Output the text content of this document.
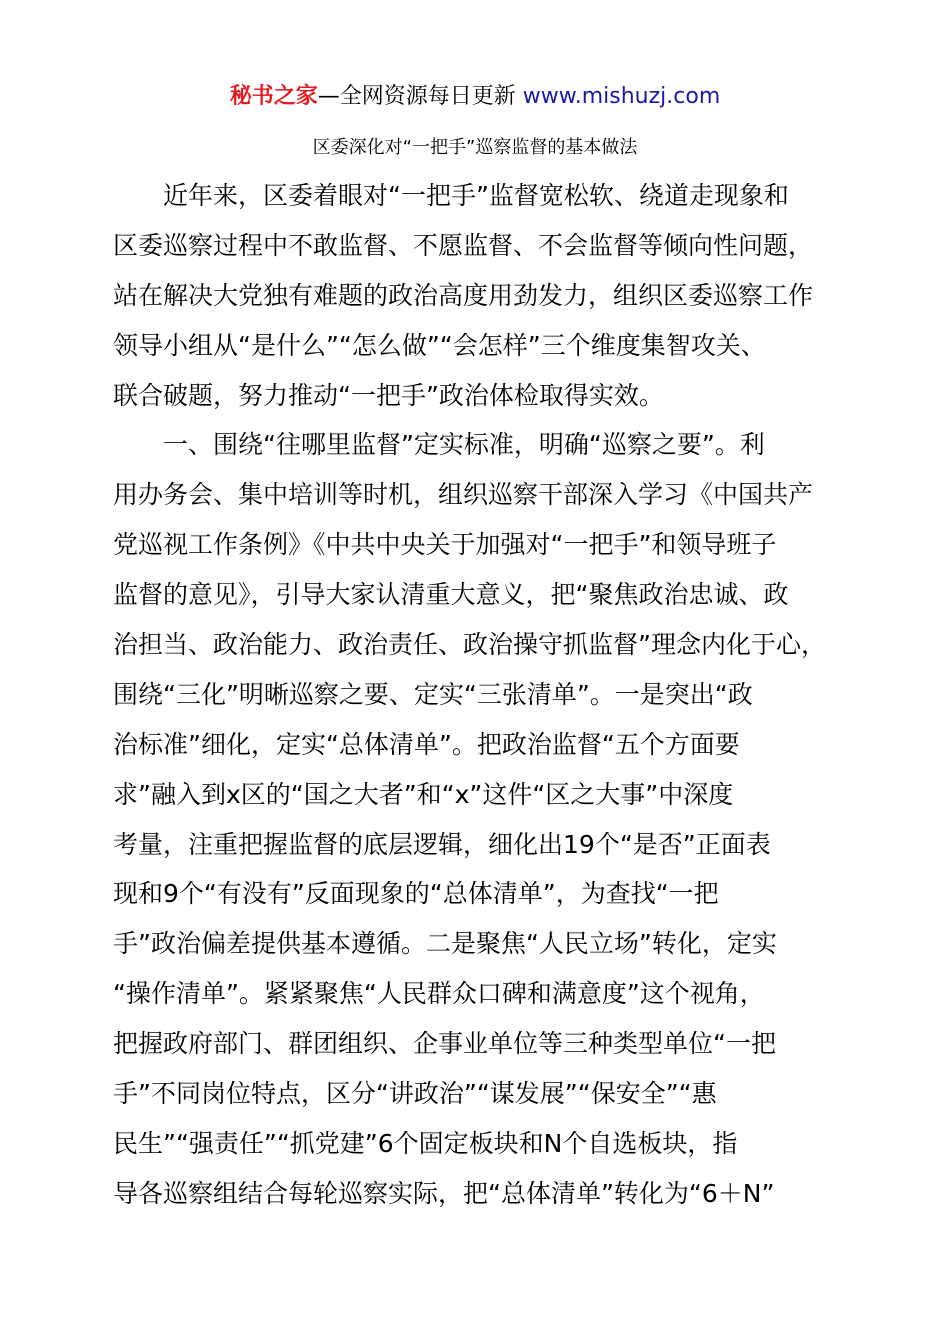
秘书之家—全网资源每日更新 www.mishuzj.com
区委深化对“一把手”巡察监督的基本做法
　　近年来，区委着眼对“一把手”监督宽松软、绕道走现象和
区委巡察过程中不敢监督、不愿监督、不会监督等倾向性问题，
站在解决大党独有难题的政治高度用劲发力，组织区委巡察工作
领导小组从“是什么”“怎么做”“会怎样”三个维度集智攻关、
联合破题，努力推动“一把手”政治体检取得实效。
　　一、围绕“往哪里监督”定实标准，明确“巡察之要”。利
用办务会、集中培训等时机，组织巡察干部深入学习《中国共产
党巡视工作条例》《中共中央关于加强对“一把手”和领导班子
监督的意见》，引导大家认清重大意义，把“聚焦政治忠诚、政
治担当、政治能力、政治责任、政治操守抓监督”理念内化于心，
围绕“三化”明晰巡察之要、定实“三张清单”。一是突出“政
治标准”细化，定实“总体清单”。把政治监督“五个方面要
求”融入到x区的“国之大者”和“x”这件“区之大事”中深度
考量，注重把握监督的底层逻辑，细化出19个“是否”正面表
现和9个“有没有”反面现象的“总体清单”，为查找“一把
手”政治偏差提供基本遵循。二是聚焦“人民立场”转化，定实
“操作清单”。紧紧聚焦“人民群众口碑和满意度”这个视角，
把握政府部门、群团组织、企事业单位等三种类型单位“一把
手”不同岗位特点，区分“讲政治”“谋发展”“保安全”“惠
民生”“强责任”“抓党建”6个固定板块和N个自选板块，指
导各巡察组结合每轮巡察实际，把“总体清单”转化为“6＋N”
